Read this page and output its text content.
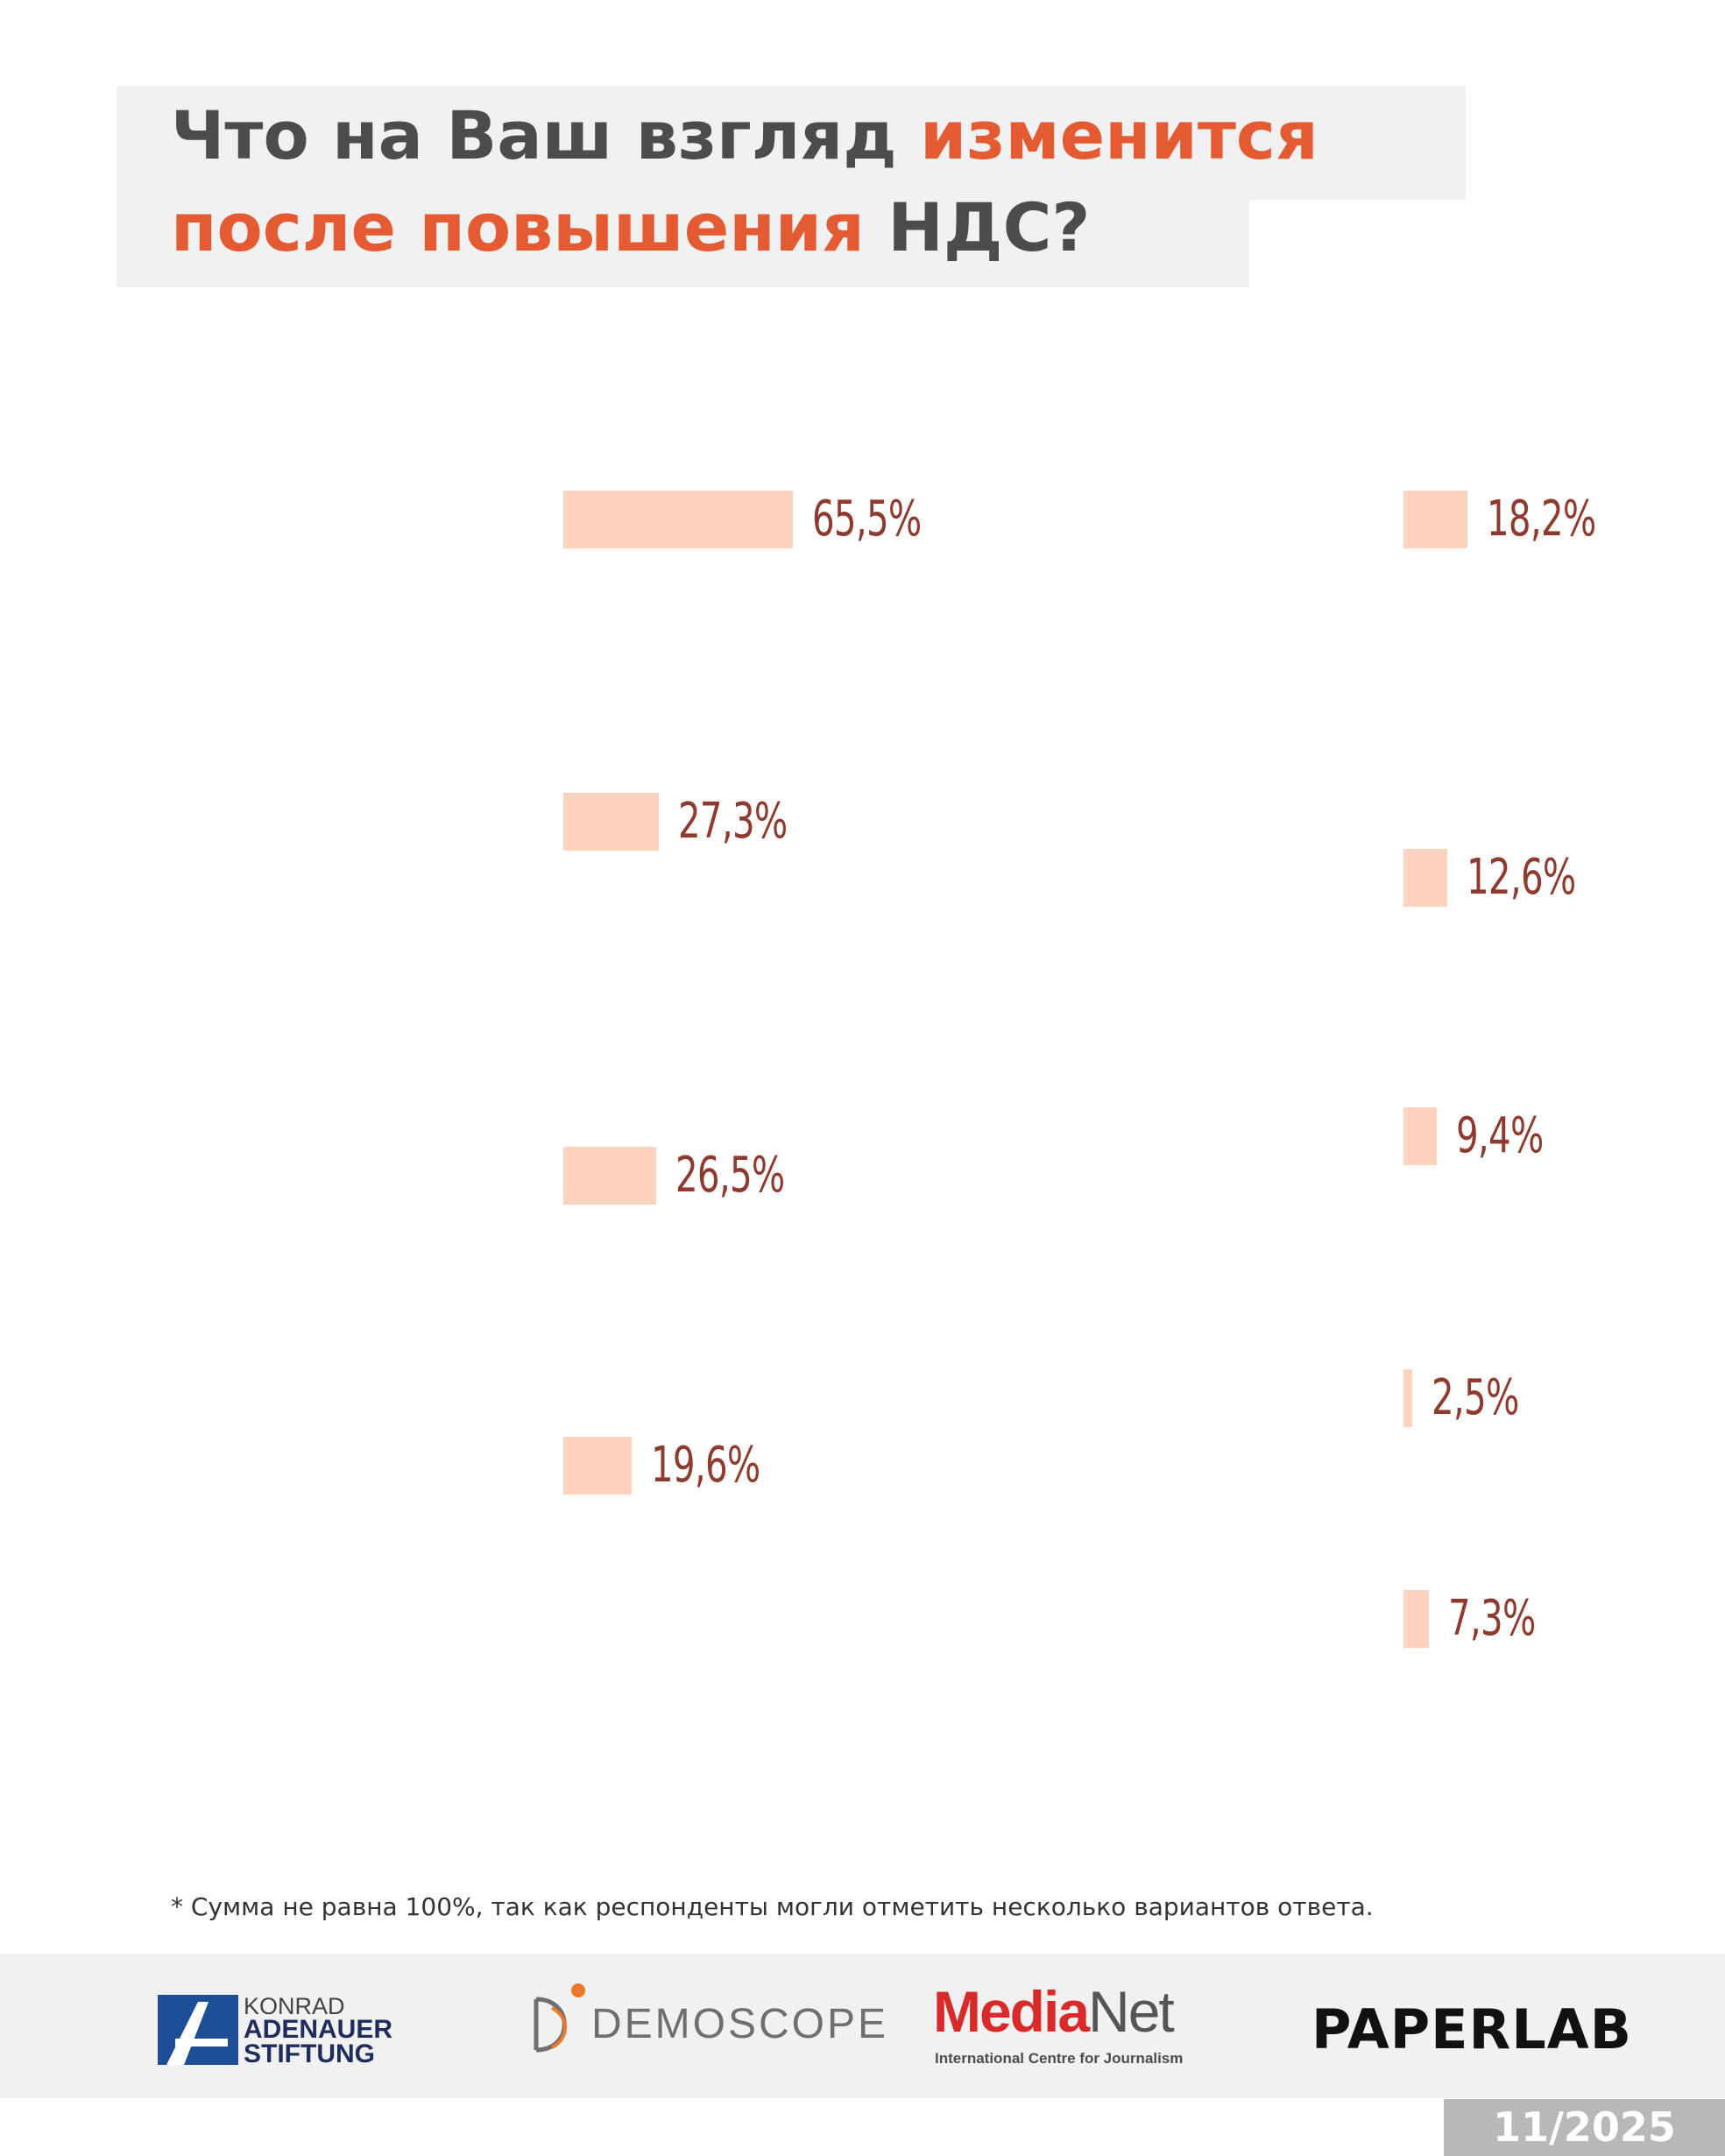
Что на Ваш взгляд изменится
после повышения НДС?
65,5%
27,3%
26,5%
19,6%
18,2%
12,6%
9,4%
2,5%
7,3%
* Сумма не равна 100%, так как респонденты могли отметить несколько вариантов ответа.
KONRAD
ADENAUER
STIFTUNG
DEMOSCOPE MediaNet
International Centre for Journalism PAPERLAB
11/2025
